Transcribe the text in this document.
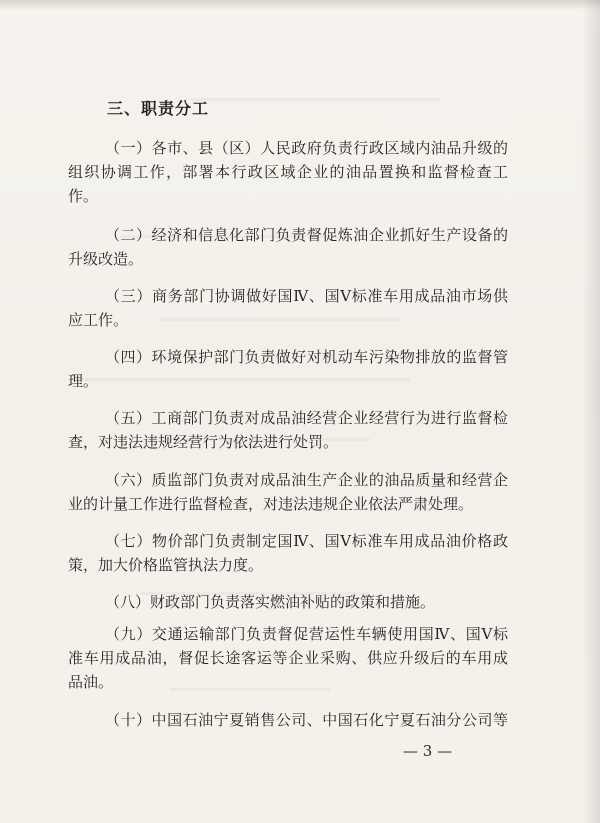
三、职责分工
（一）各市、县（区）人民政府负责行政区域内油品升级的
组织协调工作，部署本行政区域企业的油品置换和监督检查工
作。
（二）经济和信息化部门负责督促炼油企业抓好生产设备的
升级改造。
（三）商务部门协调做好国Ⅳ、国Ⅴ标准车用成品油市场供
应工作。
（四）环境保护部门负责做好对机动车污染物排放的监督管
理。
（五）工商部门负责对成品油经营企业经营行为进行监督检
查，对违法违规经营行为依法进行处罚。
（六）质监部门负责对成品油生产企业的油品质量和经营企
业的计量工作进行监督检查，对违法违规企业依法严肃处理。
（七）物价部门负责制定国Ⅳ、国Ⅴ标准车用成品油价格政
策，加大价格监管执法力度。
（八）财政部门负责落实燃油补贴的政策和措施。
（九）交通运输部门负责督促营运性车辆使用国Ⅳ、国Ⅴ标
准车用成品油，督促长途客运等企业采购、供应升级后的车用成
品油。
（十）中国石油宁夏销售公司、中国石化宁夏石油分公司等
— 3 —
